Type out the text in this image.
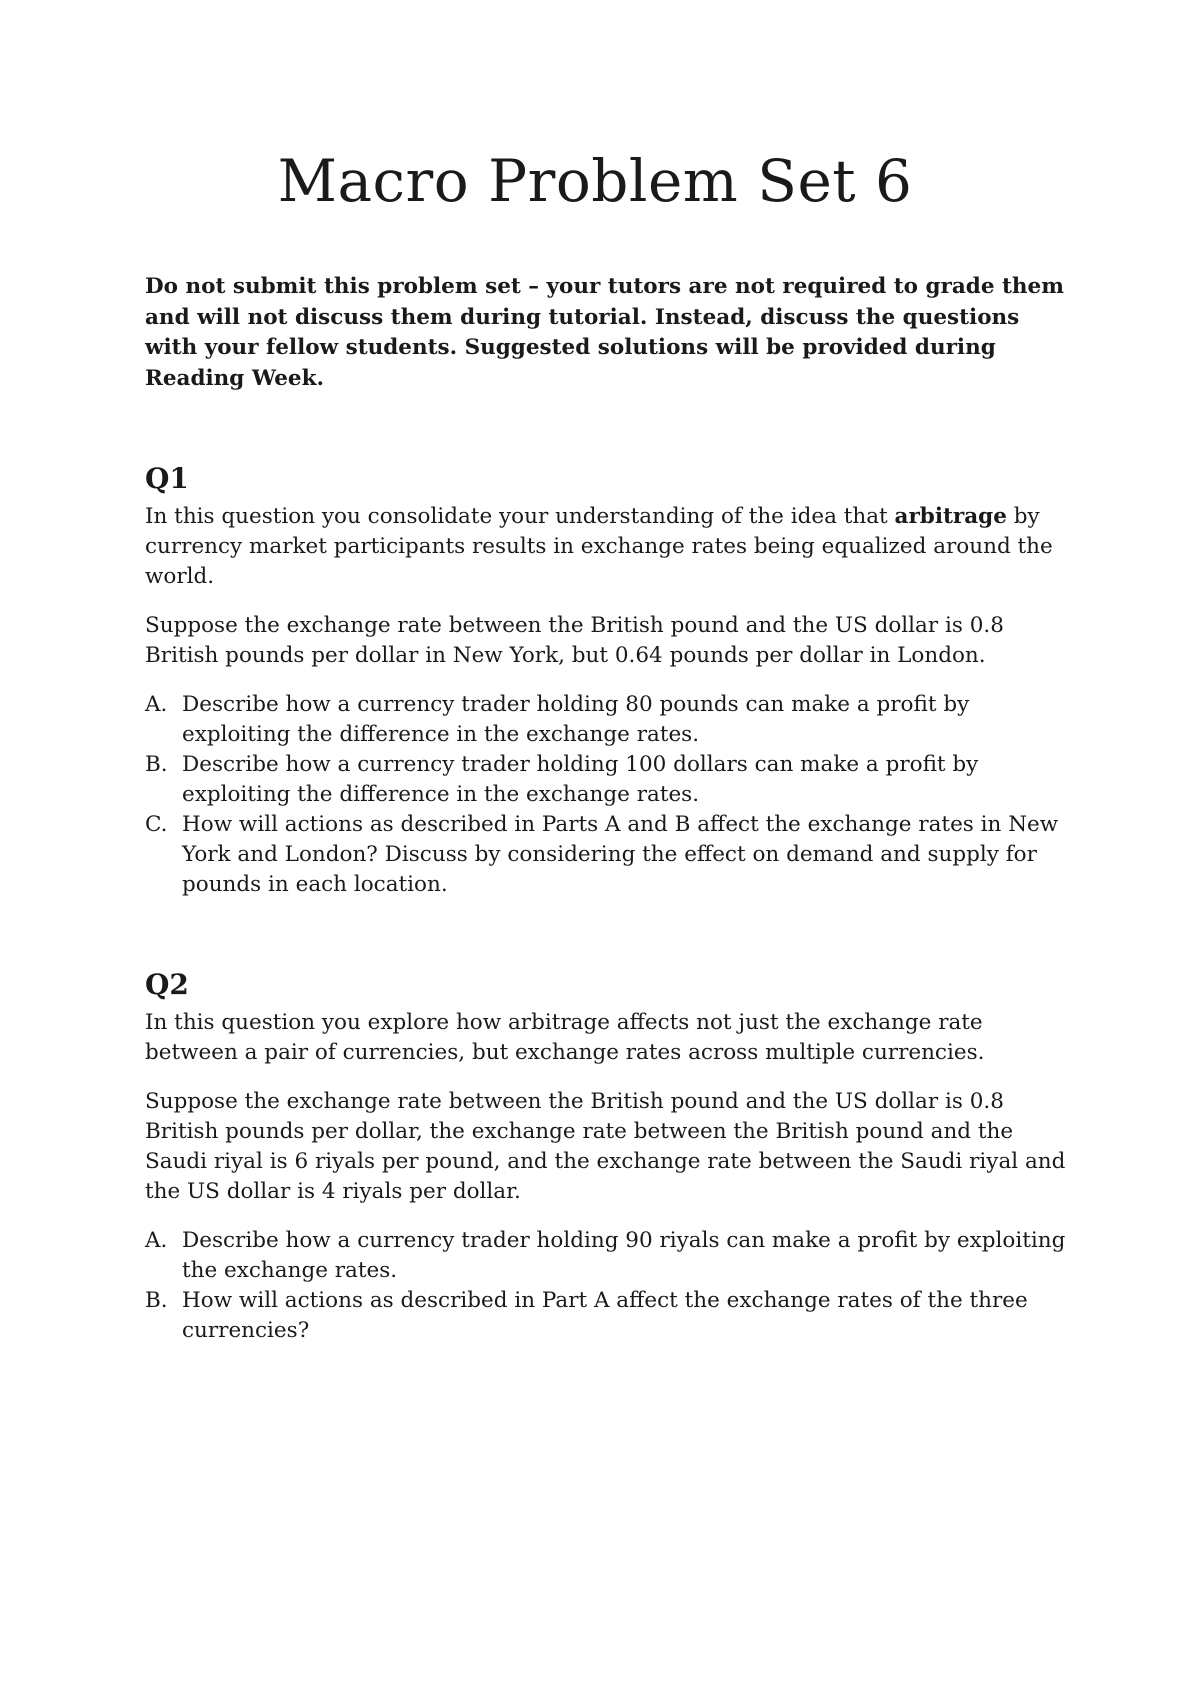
Macro Problem Set 6

Do not submit this problem set – your tutors are not required to grade them and will not discuss them during tutorial. Instead, discuss the questions with your fellow students. Suggested solutions will be provided during Reading Week.

Q1

In this question you consolidate your understanding of the idea that arbitrage by currency market participants results in exchange rates being equalized around the world.

Suppose the exchange rate between the British pound and the US dollar is 0.8 British pounds per dollar in New York, but 0.64 pounds per dollar in London.

A. Describe how a currency trader holding 80 pounds can make a profit by exploiting the difference in the exchange rates.
B. Describe how a currency trader holding 100 dollars can make a profit by exploiting the difference in the exchange rates.
C. How will actions as described in Parts A and B affect the exchange rates in New York and London? Discuss by considering the effect on demand and supply for pounds in each location.
Q2

In this question you explore how arbitrage affects not just the exchange rate between a pair of currencies, but exchange rates across multiple currencies.

Suppose the exchange rate between the British pound and the US dollar is 0.8 British pounds per dollar, the exchange rate between the British pound and the Saudi riyal is 6 riyals per pound, and the exchange rate between the Saudi riyal and the US dollar is 4 riyals per dollar.

A. Describe how a currency trader holding 90 riyals can make a profit by exploiting the exchange rates.
B. How will actions as described in Part A affect the exchange rates of the three currencies?
